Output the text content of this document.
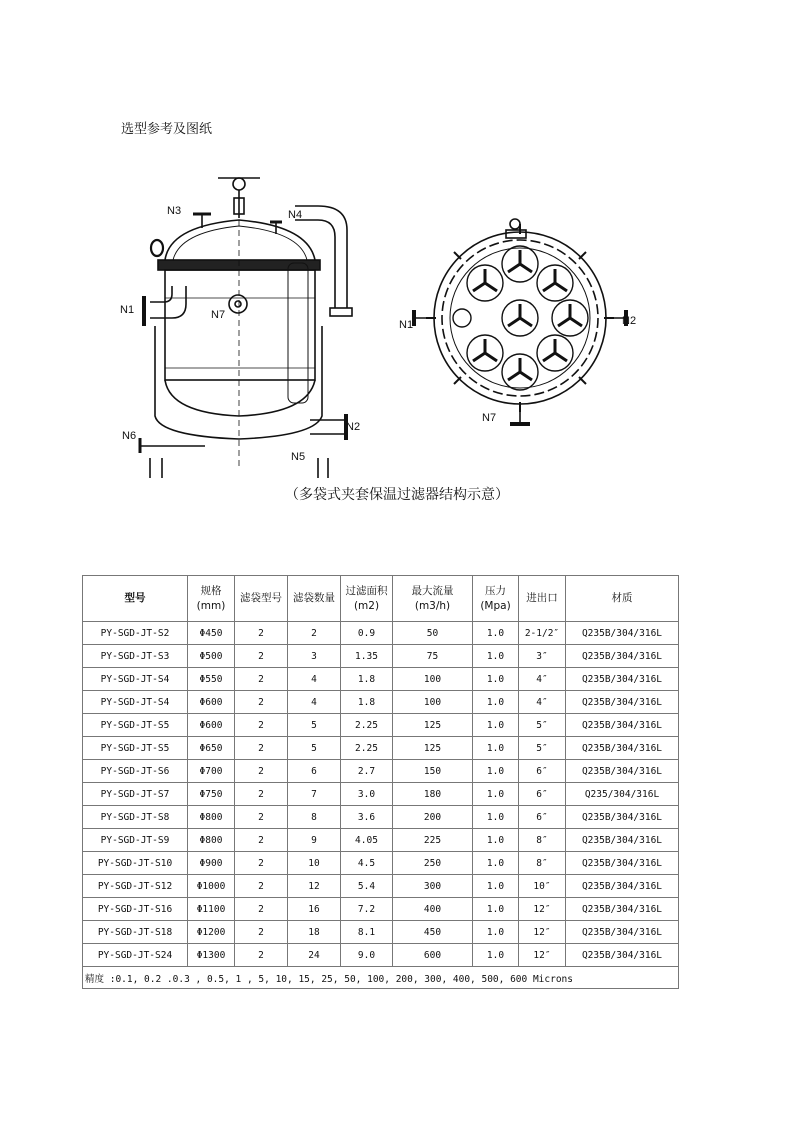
选型参考及图纸
N3	N4
N1	N7
N6
N5
N2
N1	N2
N7
（多袋式夹套保温过滤器结构示意）
型号	规格(mm)	滤袋型号	滤袋数量	过滤面积 (m2)	最大流量 (m3/h)	压力(Mpa)	进出口	材质
PY-SGD-JT-S2	Φ450	2	2	0.9	50	1.0	2-1/2″	Q235B/304/316L
PY-SGD-JT-S3	Φ500	2	3	1.35	75	1.0	3″	Q235B/304/316L
PY-SGD-JT-S4	Φ550	2	4	1.8	100	1.0	4″	Q235B/304/316L
PY-SGD-JT-S4	Φ600	2	4	1.8	100	1.0	4″	Q235B/304/316L
PY-SGD-JT-S5	Φ600	2	5	2.25	125	1.0	5″	Q235B/304/316L
PY-SGD-JT-S5	Φ650	2	5	2.25	125	1.0	5″	Q235B/304/316L
PY-SGD-JT-S6	Φ700	2	6	2.7	150	1.0	6″	Q235B/304/316L
PY-SGD-JT-S7	Φ750	2	7	3.0	180	1.0	6″	Q235/304/316L
PY-SGD-JT-S8	Φ800	2	8	3.6	200	1.0	6″	Q235B/304/316L
PY-SGD-JT-S9	Φ800	2	9	4.05	225	1.0	8″	Q235B/304/316L
PY-SGD-JT-S10	Φ900	2	10	4.5	250	1.0	8″	Q235B/304/316L
PY-SGD-JT-S12	Φ1000	2	12	5.4	300	1.0	10″	Q235B/304/316L
PY-SGD-JT-S16	Φ1100	2	16	7.2	400	1.0	12″	Q235B/304/316L
PY-SGD-JT-S18	Φ1200	2	18	8.1	450	1.0	12″	Q235B/304/316L
PY-SGD-JT-S24	Φ1300	2	24	9.0	600	1.0	12″	Q235B/304/316L
精度 :0.1, 0.2 .0.3 , 0.5, 1 , 5, 10, 15, 25, 50, 100, 200, 300, 400, 500, 600 Microns								
